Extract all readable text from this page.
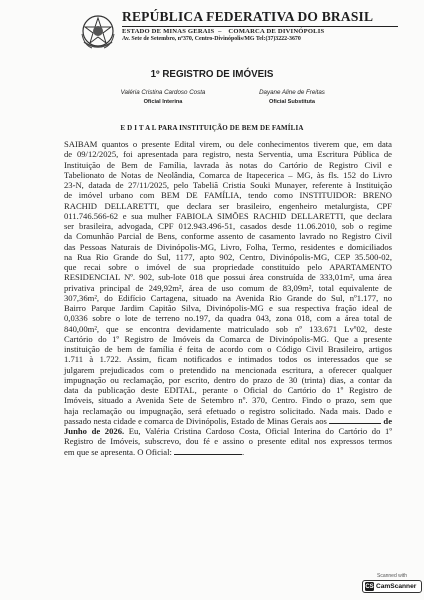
REPÚBLICA FEDERATIVA DO BRASIL
ESTADO DE MINAS GERAIS  – COMARCA DE DIVINÓPOLIS
Av. Sete de Setembro, nº370, Centro-Divinópolis/MG Tel:(37)3222-3670
1º REGISTRO DE IMÓVEIS
Valéria Cristina Cardoso Costa
Oficial Interina
Dayane Aline de Freitas
Oficial Substituta
E D I T A L PARA INSTITUIÇÃO DE BEM DE FAMÍLIA
SAIBAM quantos o presente Edital virem, ou dele conhecimentos tiverem que, em data
de 09/12/2025, foi apresentada para registro, nesta Serventia, uma Escritura Pública de
Instituição de Bem de Família, lavrada às notas do Cartório de Registro Civil e
Tabelionato de Notas de Neolândia, Comarca de Itapecerica – MG, às fls. 152 do Livro
23-N, datada de 27/11/2025, pelo Tabeliã Cristia Souki Munayer, referente à Instituição
de imóvel urbano com BEM DE FAMÍLIA, tendo como INSTITUIDOR: BRENO
RACHID DELLARETTI, que declara ser brasileiro, engenheiro metalurgista, CPF
011.746.566-62 e sua mulher FABIOLA SIMÕES RACHID DELLARETTI, que declara
ser brasileira, advogada, CPF 012.943.496-51, casados desde 11.06.2010, sob o regime
da Comunhão Parcial de Bens, conforme assento de casamento lavrado no Registro Civil
das Pessoas Naturais de Divinópolis-MG, Livro, Folha, Termo, residentes e domiciliados
na Rua Rio Grande do Sul, 1177, apto 902, Centro, Divinópolis-MG, CEP 35.500-02,
que recai sobre o imóvel de sua propriedade constituído pelo APARTAMENTO
RESIDENCIAL Nº. 902, sub-lote 018 que possui área construída de 333,01m², uma área
privativa principal de 249,92m², área de uso comum de 83,09m², total equivalente de
307,36m², do Edifício Cartagena, situado na Avenida Rio Grande do Sul, nº1.177, no
Bairro Parque Jardim Capitão Silva, Divinópolis-MG e sua respectiva fração ideal de
0,0336 sobre o lote de terreno no.197, da quadra 043, zona 018, com a área total de
840,00m², que se encontra devidamente matriculado sob nº 133.671 Lvº02, deste
Cartório do 1º Registro de Imóveis da Comarca de Divinópolis-MG. Que a presente
instituição de bem de família é feita de acordo com o Código Civil Brasileiro, artigos
1.711 à 1.722. Assim, ficam notificados e intimados todos os interessados que se
julgarem prejudicados com o pretendido na mencionada escritura, a oferecer qualquer
impugnação ou reclamação, por escrito, dentro do prazo de 30 (trinta) dias, a contar da
data da publicação deste EDITAL, perante o Oficial do Cartório do 1º Registro de
Imóveis, situado a Avenida Sete de Setembro nº. 370, Centro. Findo o prazo, sem que
haja reclamação ou impugnação, será efetuado o registro solicitado. Nada mais. Dado e
passado nesta cidade e comarca de Divinópolis, Estado de Minas Gerais aos	de
Junho de 2026. Eu, Valéria Cristina Cardoso Costa, Oficial Interina do Cartório do 1º
Registro de Imóveis, subscrevo, dou fé e assino o presente edital nos expressos termos
em que se apresenta. O Oficial:	.
Scanned with
CS CamScanner
